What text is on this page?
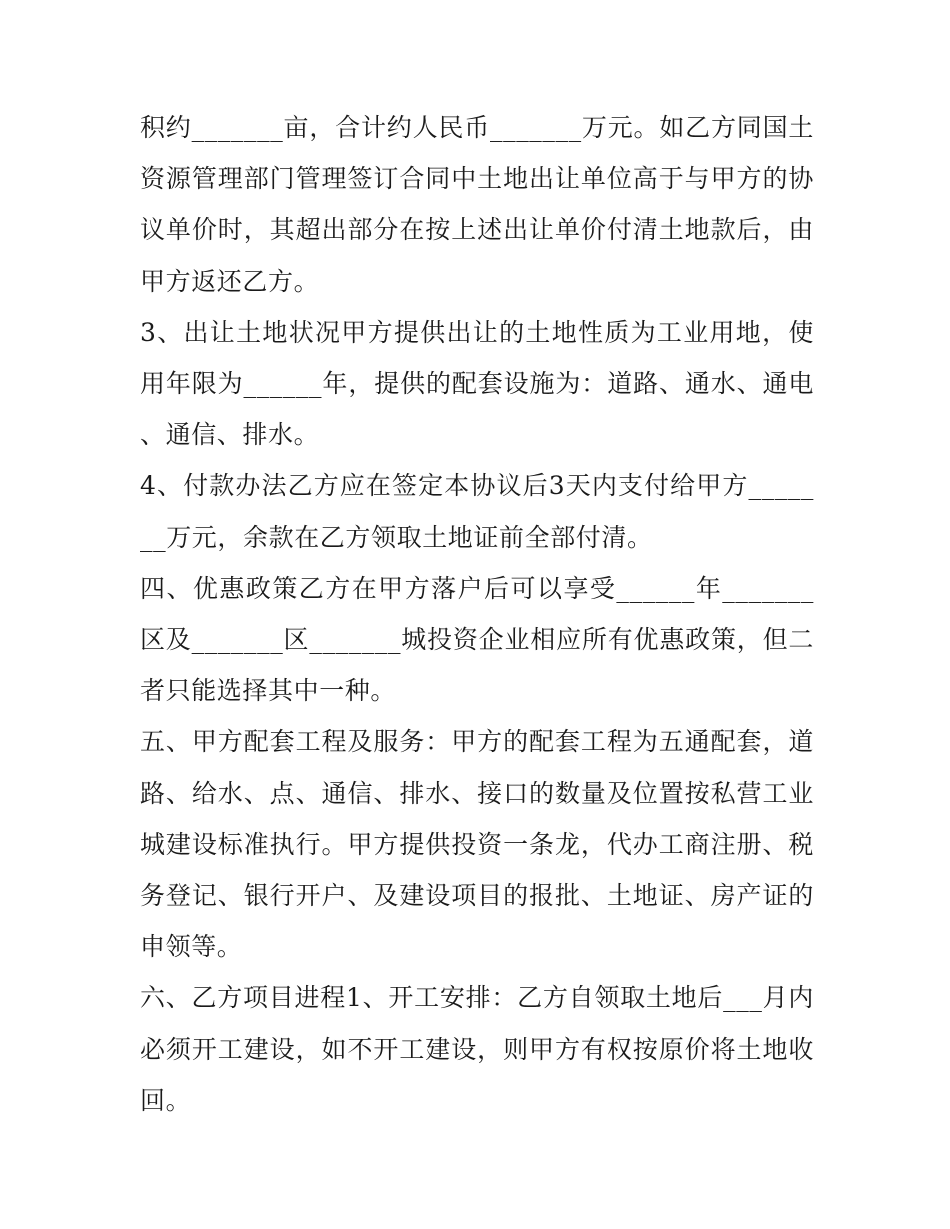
积约_______亩，合计约人民币_______万元。如乙方同国土资源管理部门管理签订合同中土地出让单位高于与甲方的协议单价时，其超出部分在按上述出让单价付清土地款后，由甲方返还乙方。

3、出让土地状况甲方提供出让的土地性质为工业用地，使用年限为______年，提供的配套设施为：道路、通水、通电、通信、排水。

4、付款办法乙方应在签定本协议后3天内支付给甲方_______万元，余款在乙方领取土地证前全部付清。

四、优惠政策乙方在甲方落户后可以享受______年_______区及_______区_______城投资企业相应所有优惠政策，但二者只能选择其中一种。

五、甲方配套工程及服务：甲方的配套工程为五通配套，道路、给水、点、通信、排水、接口的数量及位置按私营工业城建设标准执行。甲方提供投资一条龙，代办工商注册、税务登记、银行开户、及建设项目的报批、土地证、房产证的申领等。

六、乙方项目进程1、开工安排：乙方自领取土地后___月内必须开工建设，如不开工建设，则甲方有权按原价将土地收回。
